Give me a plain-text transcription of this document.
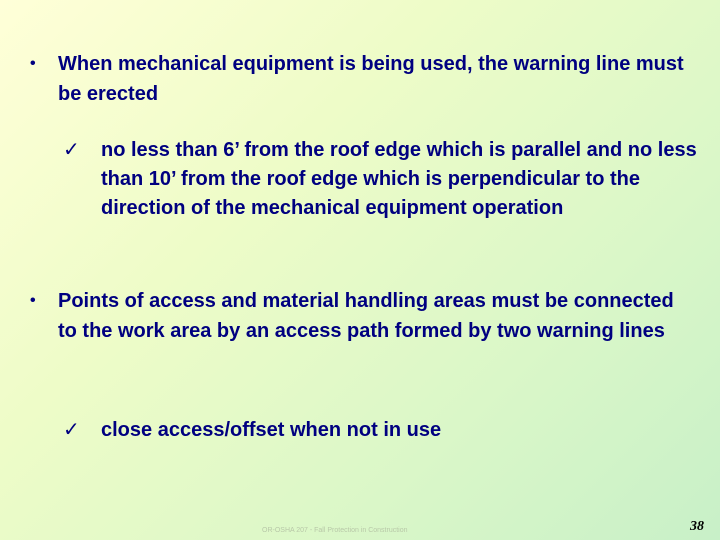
• When mechanical equipment is being used, the warning line must be erected
✓ no less than 6’ from the roof edge which is parallel and no less than 10’ from the roof edge which is perpendicular to the direction of the mechanical equipment operation
• Points of access and material handling areas must be connected to the work area by an access path formed by two warning lines
✓ close access/offset when not in use
OR-OSHA 207 - Fall Protection in Construction	38
